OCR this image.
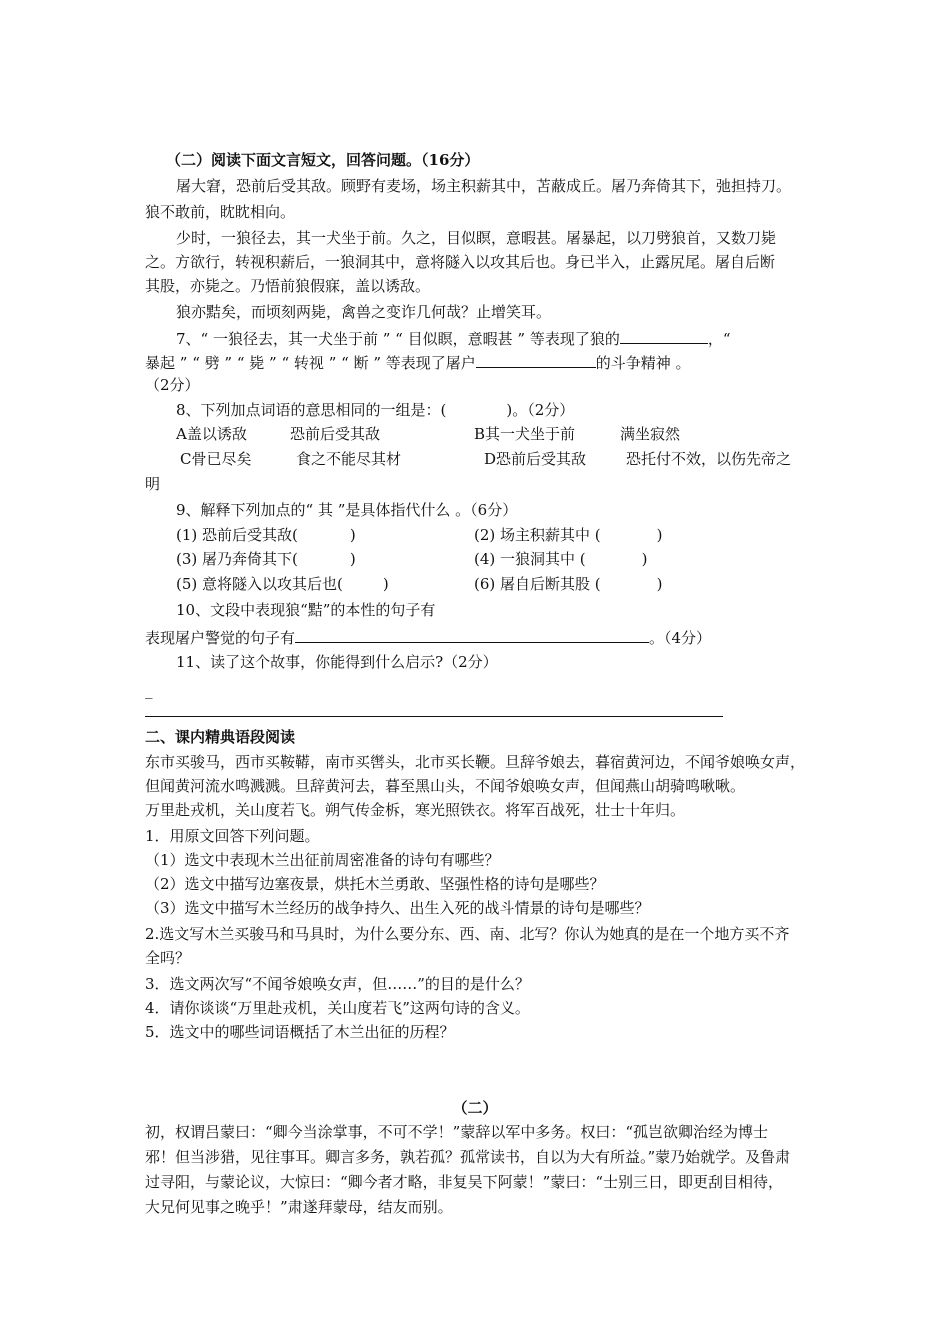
（二）阅读下面文言短文，回答问题。（16分）
屠大窘，恐前后受其敌。顾野有麦场，场主积薪其中，苫蔽成丘。屠乃奔倚其下，弛担持刀。
狼不敢前，眈眈相向。
少时，一狼径去，其一犬坐于前。久之，目似瞑，意暇甚。屠暴起，以刀劈狼首，又数刀毙
之。方欲行，转视积薪后，一狼洞其中，意将隧入以攻其后也。身已半入，止露尻尾。屠自后断
其股，亦毙之。乃悟前狼假寐，盖以诱敌。
狼亦黠矣，而顷刻两毙，禽兽之变诈几何哉？止增笑耳。
7、“ 一狼径去，其一犬坐于前 ” “ 目似瞑，意暇甚 ” 等表现了狼的	，“
暴起 ” “ 劈 ” “ 毙 ” “ 转视 ” “ 断 ” 等表现了屠户	的斗争精神 。
（2分）
8、下列加点词语的意思相同的一组是：(	)。（2分）
A盖以诱敌	恐前后受其敌	B其一犬坐于前	满坐寂然
C骨已尽矣	食之不能尽其材	D恐前后受其敌	恐托付不效，以伤先帝之
明
9、解释下列加点的“ 其 ”是具体指代什么 。（6分）
(1) 恐前后受其敌(	)	(2) 场主积薪其中 (	)
(3) 屠乃奔倚其下(	)	(4) 一狼洞其中 (	)
(5) 意将隧入以攻其后也(	)	(6) 屠自后断其股 (	)
10、文段中表现狼“黠”的本性的句子有
表现屠户警觉的句子有	。（4分）
11、读了这个故事，你能得到什么启示?（2分）
_
二、课内精典语段阅读
东市买骏马，西市买鞍鞯，南市买辔头，北市买长鞭。旦辞爷娘去，暮宿黄河边，不闻爷娘唤女声，
但闻黄河流水鸣溅溅。旦辞黄河去，暮至黑山头，不闻爷娘唤女声，但闻燕山胡骑鸣啾啾。
万里赴戎机，关山度若飞。朔气传金柝，寒光照铁衣。将军百战死，壮士十年归。
1．用原文回答下列问题。
（1）选文中表现木兰出征前周密准备的诗句有哪些？
（2）选文中描写边塞夜景，烘托木兰勇敢、坚强性格的诗句是哪些？
（3）选文中描写木兰经历的战争持久、出生入死的战斗情景的诗句是哪些？
2.选文写木兰买骏马和马具时，为什么要分东、西、南、北写？你认为她真的是在一个地方买不齐
全吗？
3．选文两次写“不闻爷娘唤女声，但……”的目的是什么？
4．请你谈谈“万里赴戎机，关山度若飞”这两句诗的含义。
5．选文中的哪些词语概括了木兰出征的历程？
（二）
初，权谓吕蒙曰：“卿今当涂掌事，不可不学！”蒙辞以军中多务。权曰：“孤岂欲卿治经为博士
邪！但当涉猎，见往事耳。卿言多务，孰若孤？孤常读书，自以为大有所益。”蒙乃始就学。及鲁肃
过寻阳，与蒙论议，大惊曰：“卿今者才略，非复吴下阿蒙！”蒙曰：“士别三日，即更刮目相待，
大兄何见事之晚乎！”肃遂拜蒙母，结友而别。
